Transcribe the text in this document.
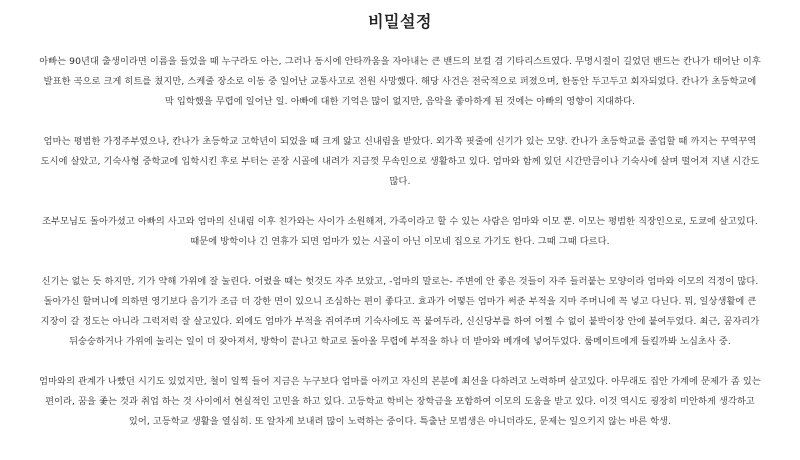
비밀설정

아빠는 90년대 출생이라면 이름을 들었을 때 누구라도 아는, 그러나 동시에 안타까움을 자아내는 큰 밴드의 보컬 겸 기타리스트였다. 무명시절이 길었던 밴드는 칸나가 태어난 이후 발표한 곡으로 크게 히트를 쳤지만, 스케줄 장소로 이동 중 일어난 교통사고로 전원 사망했다. 해당 사건은 전국적으로 퍼졌으며, 한동안 두고두고 회자되었다. 칸나가 초등학교에 막 입학했을 무렵에 일어난 일. 아빠에 대한 기억은 많이 없지만, 음악을 좋아하게 된 것에는 아빠의 영향이 지대하다.

엄마는 평범한 가정주부였으나, 칸나가 초등학교 고학년이 되었을 때 크게 앓고 신내림을 받았다. 외가쪽 핏줄에 신기가 있는 모양. 칸나가 초등학교를 졸업할 때 까지는 꾸역꾸역 도시에 살았고, 기숙사형 중학교에 입학시킨 후로 부터는 곧장 시골에 내려가 지금껏 무속인으로 생활하고 있다. 엄마와 함께 있던 시간만큼이나 기숙사에 살며 떨어져 지낸 시간도 많다.

조부모님도 돌아가셨고 아빠의 사고와 엄마의 신내림 이후 친가와는 사이가 소원해져, 가족이라고 할 수 있는 사람은 엄마와 이모 뿐. 이모는 평범한 직장인으로, 도쿄에 살고있다. 때문에 방학이나 긴 연휴가 되면 엄마가 있는 시골이 아닌 이모네 집으로 가기도 한다. 그때 그때 다르다.

신기는 없는 듯 하지만, 기가 약해 가위에 잘 눌린다. 어렸을 때는 헛것도 자주 보았고, -엄마의 말로는- 주변에 안 좋은 것들이 자주 들러붙는 모양이라 엄마와 이모의 걱정이 많다. 돌아가신 할머니에 의하면 영기보다 음기가 조금 더 강한 면이 있으니 조심하는 편이 좋다고. 효과가 어떻든 엄마가 써준 부적을 지마 주머니에 꼭 넣고 다닌다. 뭐, 일상생활에 큰 지장이 갈 정도는 아니라 그럭저럭 잘 살고있다. 외에도 엄마가 부적을 쥐여주며 기숙사에도 꼭 붙여두라, 신신당부를 하여 어쩔 수 없이 붙박이장 안에 붙여두었다. 최근, 꿈자리가 뒤숭숭하거나 가위에 눌리는 일이 더 잦아져서, 방학이 끝나고 학교로 돌아올 무렵에 부적을 하나 더 받아와 베개에 넣어두었다. 룸메이트에게 들킬까봐 노심초사 중.

엄마와의 관계가 나빴던 시기도 있었지만, 철이 일찍 들어 지금은 누구보다 엄마를 아끼고 자신의 본분에 최선을 다하려고 노력하며 살고있다. 아무래도 집안 가계에 문제가 좀 있는 편이라, 꿈을 좇는 것과 취업 하는 것 사이에서 현실적인 고민을 하고 있다. 고등학교 학비는 장학금을 포함하여 이모의 도움을 받고 있다. 이것 역시도 굉장히 미안하게 생각하고 있어, 고등학교 생활을 열심히. 또 알차게 보내려 많이 노력하는 중이다. 특출난 모범생은 아니더라도, 문제는 일으키지 않는 바른 학생.
